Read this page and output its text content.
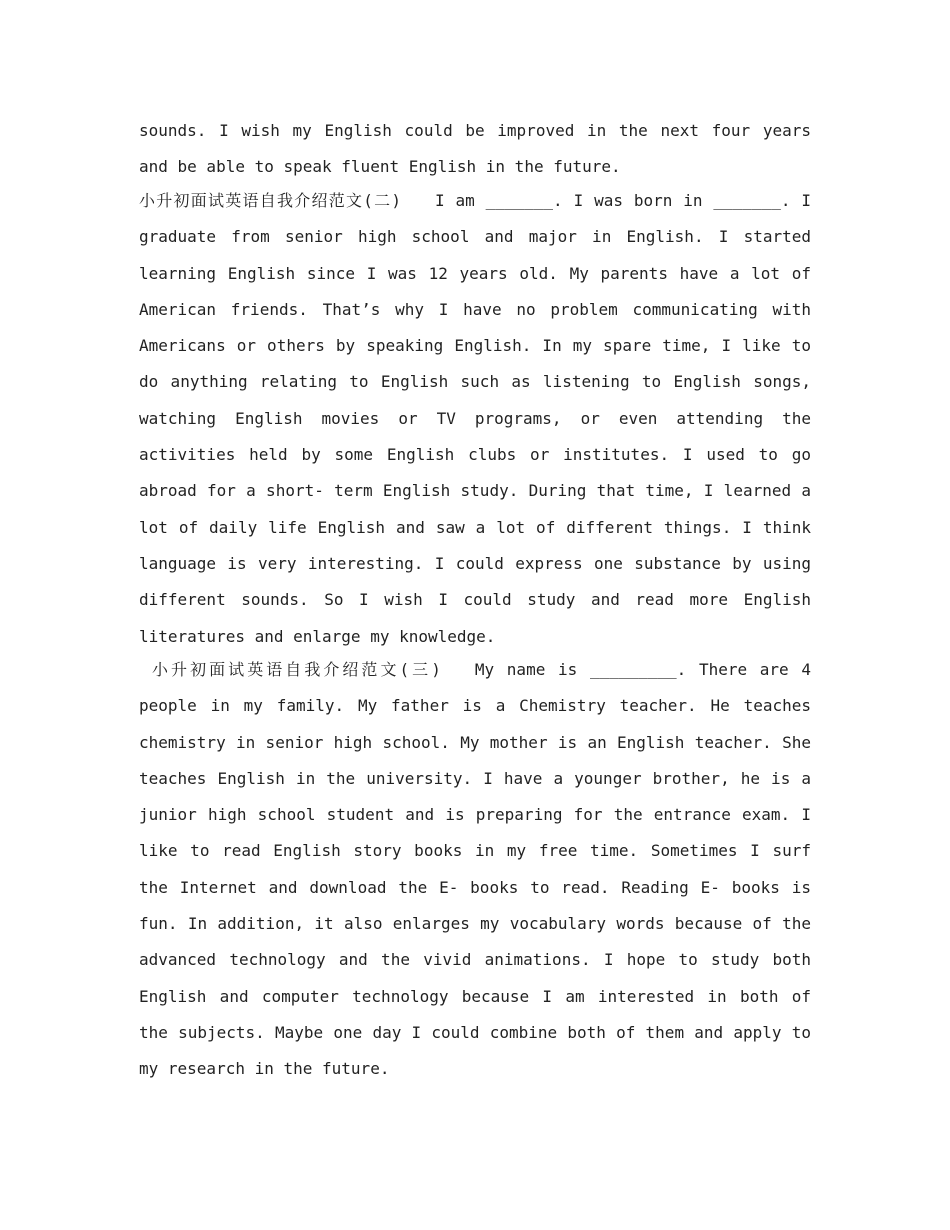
sounds. I wish my English could be improved in the next four years and be able to speak fluent English in the future.

小升初面试英语自我介绍范文(二) I am _______. I was born in _______. I graduate from senior high school and major in English. I started learning English since I was 12 years old. My parents have a lot of American friends. That’s why I have no problem communicating with Americans or others by speaking English. In my spare time, I like to do anything relating to English such as listening to English songs, watching English movies or TV programs, or even attending the activities held by some English clubs or institutes. I used to go abroad for a short- term English study. During that time, I learned a lot of daily life English and saw a lot of different things. I think language is very interesting. I could express one substance by using different sounds. So I wish I could study and read more English literatures and enlarge my knowledge.

小升初面试英语自我介绍范文(三) My name is _________. There are 4 people in my family. My father is a Chemistry teacher. He teaches chemistry in senior high school. My mother is an English teacher. She teaches English in the university. I have a younger brother, he is a junior high school student and is preparing for the entrance exam. I like to read English story books in my free time. Sometimes I surf the Internet and download the E- books to read. Reading E- books is fun. In addition, it also enlarges my vocabulary words because of the advanced technology and the vivid animations. I hope to study both English and computer technology because I am interested in both of the subjects. Maybe one day I could combine both of them and apply to my research in the future.
